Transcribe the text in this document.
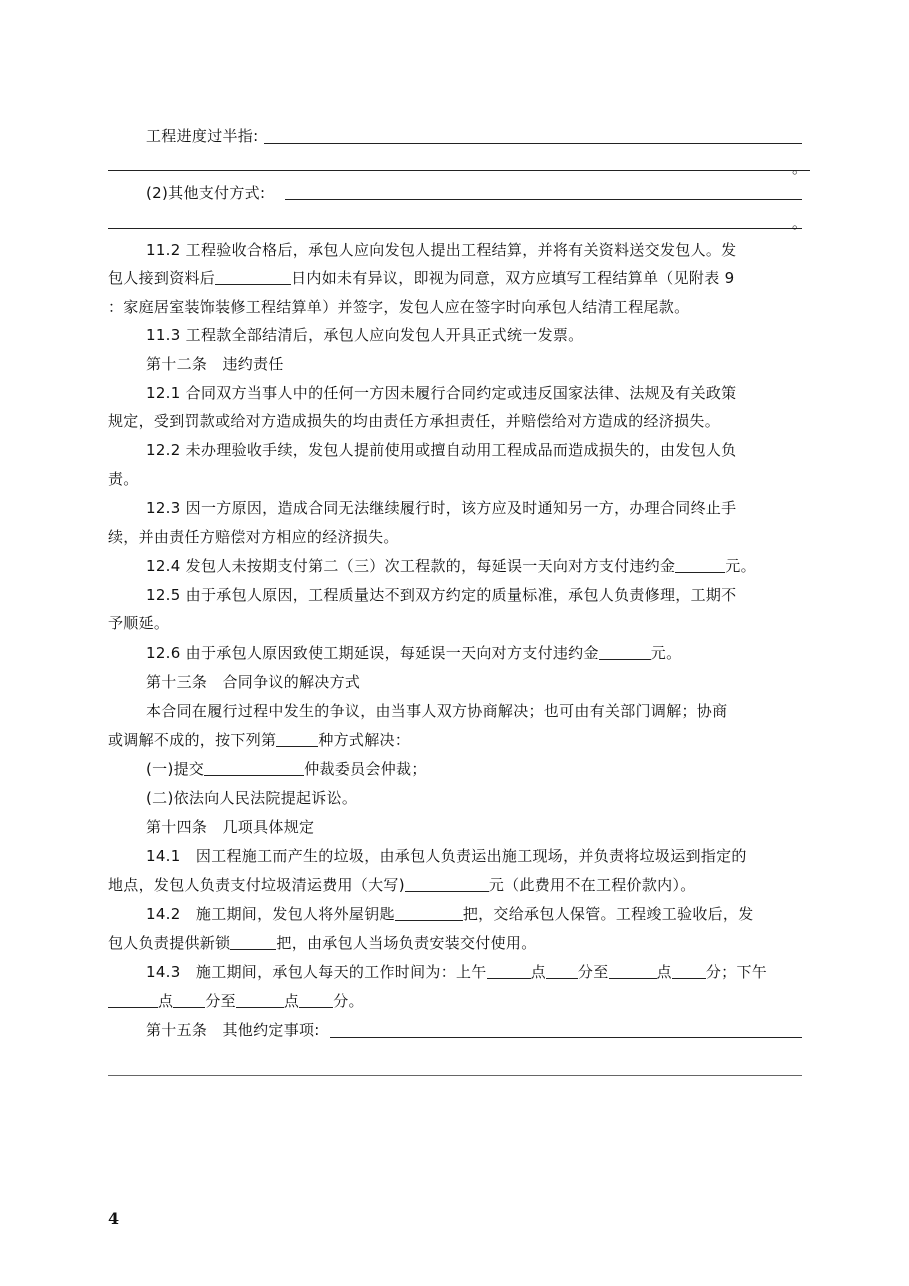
工程进度过半指:
。
(2)其他支付方式:
。
11.2 工程验收合格后，承包人应向发包人提出工程结算，并将有关资料送交发包人。发
包人接到资料后	日内如未有异议，即视为同意，双方应填写工程结算单（见附表 9
：家庭居室装饰装修工程结算单）并签字，发包人应在签字时向承包人结清工程尾款。
11.3 工程款全部结清后，承包人应向发包人开具正式统一发票。
第十二条　违约责任
12.1 合同双方当事人中的任何一方因未履行合同约定或违反国家法律、法规及有关政策
规定，受到罚款或给对方造成损失的均由责任方承担责任，并赔偿给对方造成的经济损失。
12.2 未办理验收手续，发包人提前使用或擅自动用工程成品而造成损失的，由发包人负
责。
12.3 因一方原因，造成合同无法继续履行时，该方应及时通知另一方，办理合同终止手
续，并由责任方赔偿对方相应的经济损失。
12.4 发包人未按期支付第二（三）次工程款的，每延误一天向对方支付违约金	元。
12.5 由于承包人原因，工程质量达不到双方约定的质量标准，承包人负责修理，工期不
予顺延。
12.6 由于承包人原因致使工期延误，每延误一天向对方支付违约金	元。
第十三条　合同争议的解决方式
本合同在履行过程中发生的争议，由当事人双方协商解决；也可由有关部门调解；协商
或调解不成的，按下列第	种方式解决：
(一)提交	仲裁委员会仲裁；
(二)依法向人民法院提起诉讼。
第十四条　几项具体规定
14.1　因工程施工而产生的垃圾，由承包人负责运出施工现场，并负责将垃圾运到指定的
地点，发包人负责支付垃圾清运费用（大写)	元（此费用不在工程价款内）。
14.2　施工期间，发包人将外屋钥匙	把，交给承包人保管。工程竣工验收后，发
包人负责提供新锁	把，由承包人当场负责安装交付使用。
14.3　施工期间，承包人每天的工作时间为：上午	点 分至	点 分；下午
点 分至	点 分。
第十五条　其他约定事项:
4
